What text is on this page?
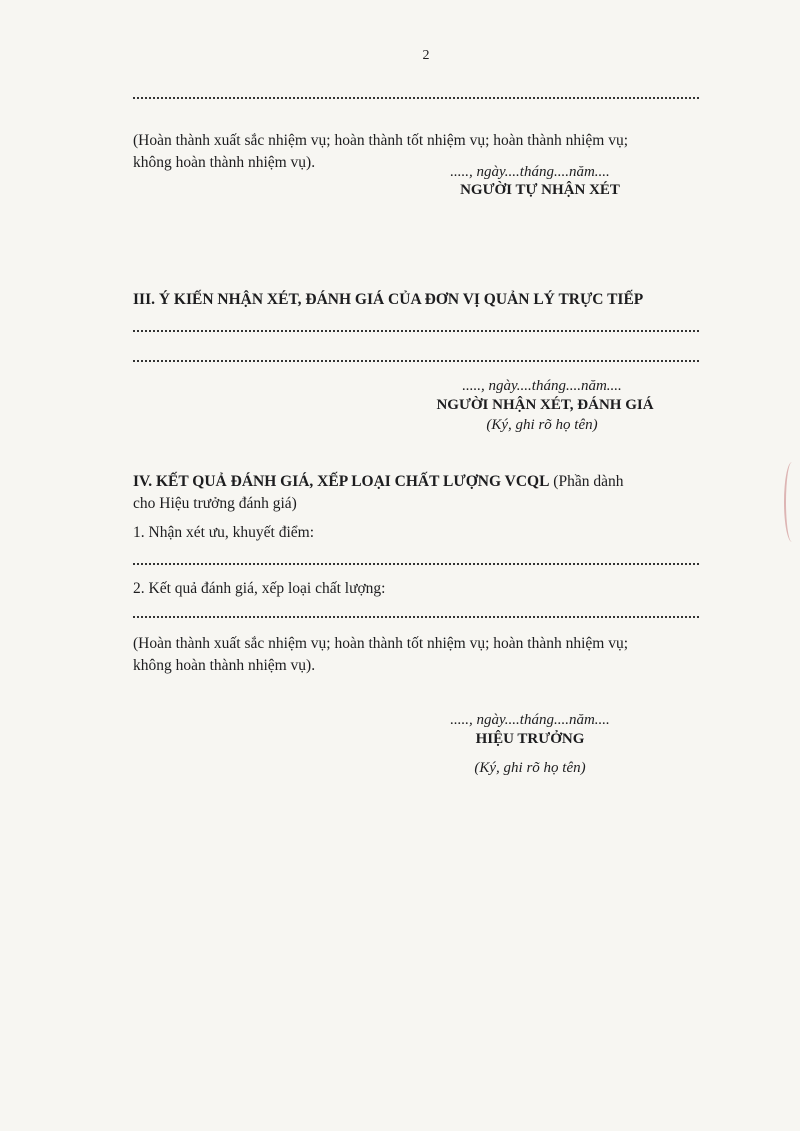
2
(Hoàn thành xuất sắc nhiệm vụ; hoàn thành tốt nhiệm vụ; hoàn thành nhiệm vụ;
không hoàn thành nhiệm vụ).
....., ngày....tháng....năm....
NGƯỜI TỰ NHẬN XÉT
III. Ý KIẾN NHẬN XÉT, ĐÁNH GIÁ CỦA ĐƠN VỊ QUẢN LÝ TRỰC TIẾP
....., ngày....tháng....năm....
NGƯỜI NHẬN XÉT, ĐÁNH GIÁ
(Ký, ghi rõ họ tên)
IV. KẾT QUẢ ĐÁNH GIÁ, XẾP LOẠI CHẤT LƯỢNG VCQL (Phần dành
cho Hiệu trưởng đánh giá)
1. Nhận xét ưu, khuyết điểm:
2. Kết quả đánh giá, xếp loại chất lượng:
(Hoàn thành xuất sắc nhiệm vụ; hoàn thành tốt nhiệm vụ; hoàn thành nhiệm vụ;
không hoàn thành nhiệm vụ).
....., ngày....tháng....năm....
HIỆU TRƯỞNG
(Ký, ghi rõ họ tên)
